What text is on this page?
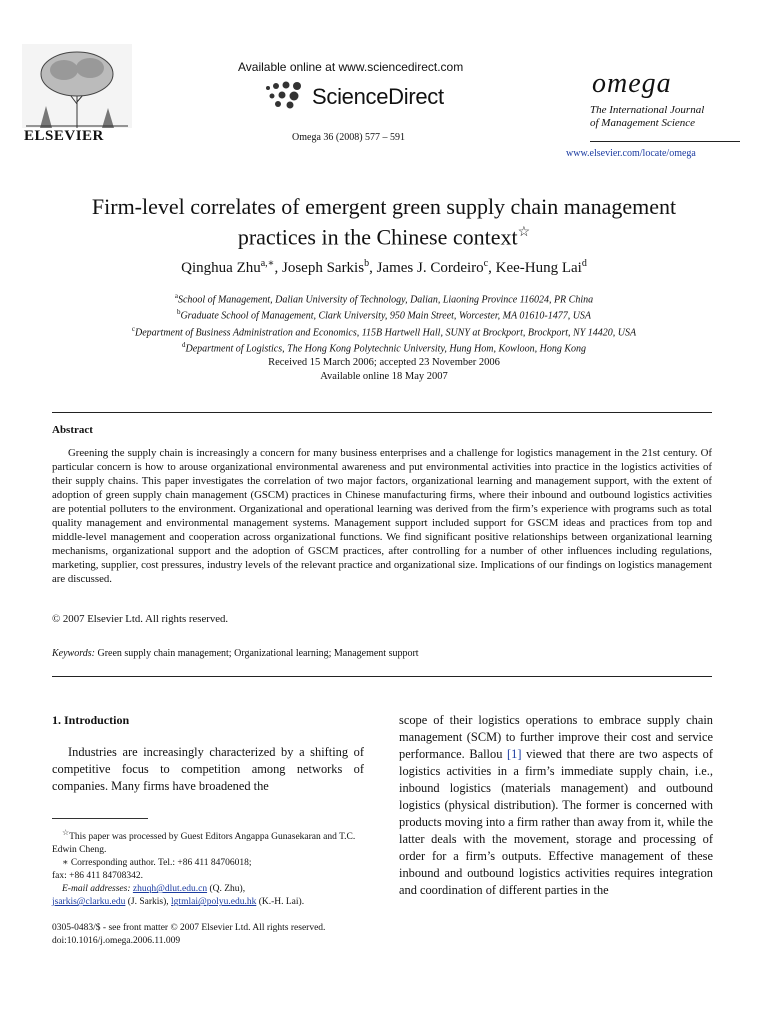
ELSEVIER
Available online at www.sciencedirect.com
ScienceDirect
Omega 36 (2008) 577 – 591
omega
The International Journal
of Management Science
www.elsevier.com/locate/omega
Firm-level correlates of emergent green supply chain management
practices in the Chinese context☆
Qinghua Zhu$^{a,∗}$, Joseph Sarkis$^b$, James J. Cordeiro$^c$, Kee-Hung Lai$^d$
$^a$School of Management, Dalian University of Technology, Dalian, Liaoning Province 116024, PR China
$^b$Graduate School of Management, Clark University, 950 Main Street, Worcester, MA 01610-1477, USA
$^c$Department of Business Administration and Economics, 115B Hartwell Hall, SUNY at Brockport, Brockport, NY 14420, USA
$^d$Department of Logistics, The Hong Kong Polytechnic University, Hung Hom, Kowloon, Hong Kong
Received 15 March 2006; accepted 23 November 2006
Available online 18 May 2007
Abstract
Greening the supply chain is increasingly a concern for many business enterprises and a challenge for logistics management in the 21st century. Of particular concern is how to arouse organizational environmental awareness and put environmental activities into practice in the logistics activities of their supply chains. This paper investigates the correlation of two major factors, organizational learning and management support, with the extent of adoption of green supply chain management (GSCM) practices in Chinese manufacturing firms, where their inbound and outbound logistics activities are potential polluters to the environment. Organizational and operational learning was derived from the firm’s experience with programs such as total quality management and environmental management systems. Management support included support for GSCM ideas and practices from top and middle-level management and cooperation across organizational functions. We find significant positive relationships between organizational learning mechanisms, organizational support and the adoption of GSCM practices, after controlling for a number of other influences including regulations, marketing, supplier, cost pressures, industry levels of the relevant practice and organizational size. Implications of our findings on logistics management are discussed.
© 2007 Elsevier Ltd. All rights reserved.
Keywords: Green supply chain management; Organizational learning; Management support
1. Introduction
Industries are increasingly characterized by a shifting of competitive focus to competition among networks of companies. Many firms have broadened the
scope of their logistics operations to embrace supply chain management (SCM) to further improve their cost and service performance. Ballou [1] viewed that there are two aspects of logistics activities in a firm’s immediate supply chain, i.e., inbound logistics (materials management) and outbound logistics (physical distribution). The former is concerned with products moving into a firm rather than away from it, while the latter deals with the movement, storage and processing of order for a firm’s outputs. Effective management of these inbound and outbound logistics activities requires integration and coordination of different parties in the
☆This paper was processed by Guest Editors Angappa Gunasekaran and T.C. Edwin Cheng.
∗ Corresponding author. Tel.: +86 411 84706018;
fax: +86 411 84708342.
E-mail addresses: zhuqh@dlut.edu.cn (Q. Zhu),
jsarkis@clarku.edu (J. Sarkis), lgtmlai@polyu.edu.hk (K.-H. Lai).
0305-0483/$ - see front matter © 2007 Elsevier Ltd. All rights reserved.
doi:10.1016/j.omega.2006.11.009
